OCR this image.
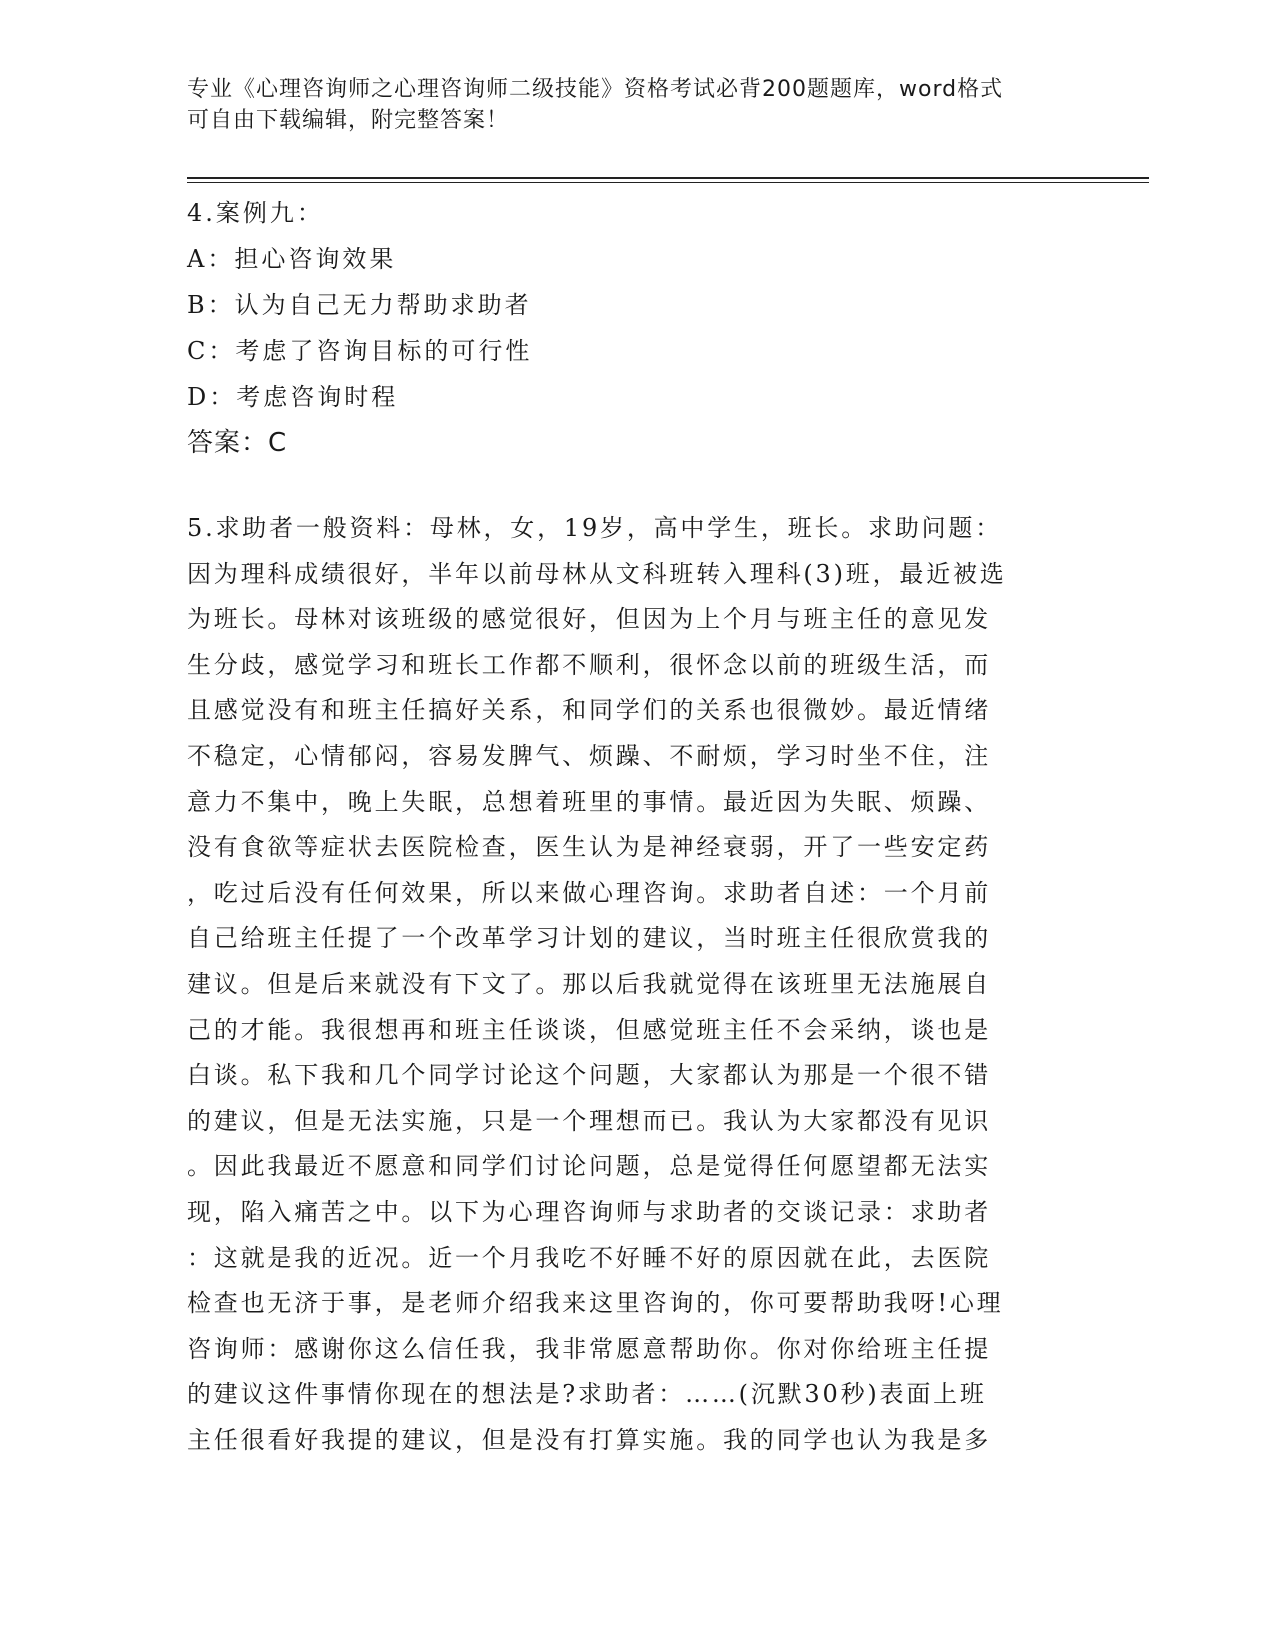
专业《心理咨询师之心理咨询师二级技能》资格考试必背200题题库，word格式
可自由下载编辑，附完整答案！
4.案例九：
A：担心咨询效果
B：认为自己无力帮助求助者
C：考虑了咨询目标的可行性
D：考虑咨询时程
答案：C
5.求助者一般资料：母林，女，19岁，高中学生，班长。求助问题：
因为理科成绩很好，半年以前母林从文科班转入理科(3)班，最近被选
为班长。母林对该班级的感觉很好，但因为上个月与班主任的意见发
生分歧，感觉学习和班长工作都不顺利，很怀念以前的班级生活，而
且感觉没有和班主任搞好关系，和同学们的关系也很微妙。最近情绪
不稳定，心情郁闷，容易发脾气、烦躁、不耐烦，学习时坐不住，注
意力不集中，晚上失眠，总想着班里的事情。最近因为失眠、烦躁、
没有食欲等症状去医院检查，医生认为是神经衰弱，开了一些安定药
，吃过后没有任何效果，所以来做心理咨询。求助者自述：一个月前
自己给班主任提了一个改革学习计划的建议，当时班主任很欣赏我的
建议。但是后来就没有下文了。那以后我就觉得在该班里无法施展自
己的才能。我很想再和班主任谈谈，但感觉班主任不会采纳，谈也是
白谈。私下我和几个同学讨论这个问题，大家都认为那是一个很不错
的建议，但是无法实施，只是一个理想而已。我认为大家都没有见识
。因此我最近不愿意和同学们讨论问题，总是觉得任何愿望都无法实
现，陷入痛苦之中。以下为心理咨询师与求助者的交谈记录：求助者
：这就是我的近况。近一个月我吃不好睡不好的原因就在此，去医院
检查也无济于事，是老师介绍我来这里咨询的，你可要帮助我呀!心理
咨询师：感谢你这么信任我，我非常愿意帮助你。你对你给班主任提
的建议这件事情你现在的想法是?求助者：……(沉默30秒)表面上班
主任很看好我提的建议，但是没有打算实施。我的同学也认为我是多
